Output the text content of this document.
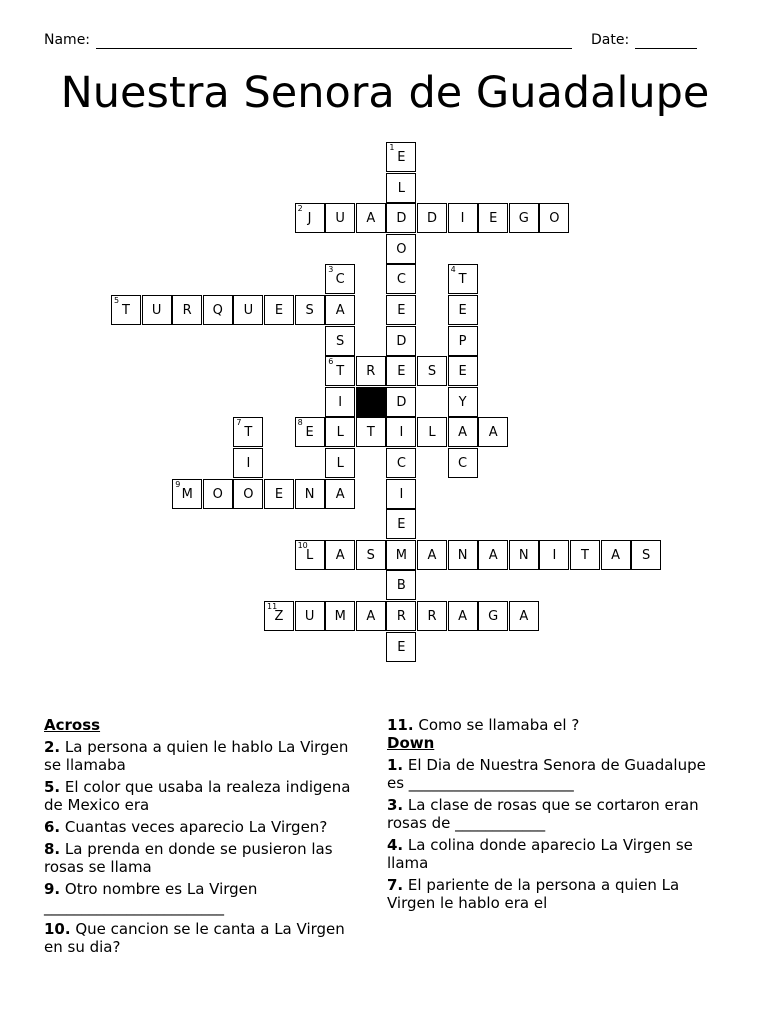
Name:	Date:
Nuestra Senora de Guadalupe
1
E
L
D
O
C
E
D
E
D
I
C
I
E
M
B
R
E
2
J	U	A	D	I	E	G	O
3
C
A
S
6
T
I
L
L
A
4
T
E
P
E
Y
A
C
5
T	U	R	Q	U	E	S
R	S
7
T
I
O
8
E	T	L	A
9
M	O	E	N
10
L	A	S	A	N	A	N	I	T	A	S
11
Z	U	M	A	R	A	G	A
Across
2. La persona a quien le hablo La Virgen se llamaba
5. El color que usaba la realeza indigena de Mexico era
6. Cuantas veces aparecio La Virgen?
8. La prenda en donde se pusieron las rosas se llama
9. Otro nombre es La Virgen ________________________
10. Que cancion se le canta a La Virgen en su dia?
11. Como se llamaba el ?
Down
1. El Dia de Nuestra Senora de Guadalupe es ______________________
3. La clase de rosas que se cortaron eran rosas de ____________
4. La colina donde aparecio La Virgen se llama
7. El pariente de la persona a quien La Virgen le hablo era el
